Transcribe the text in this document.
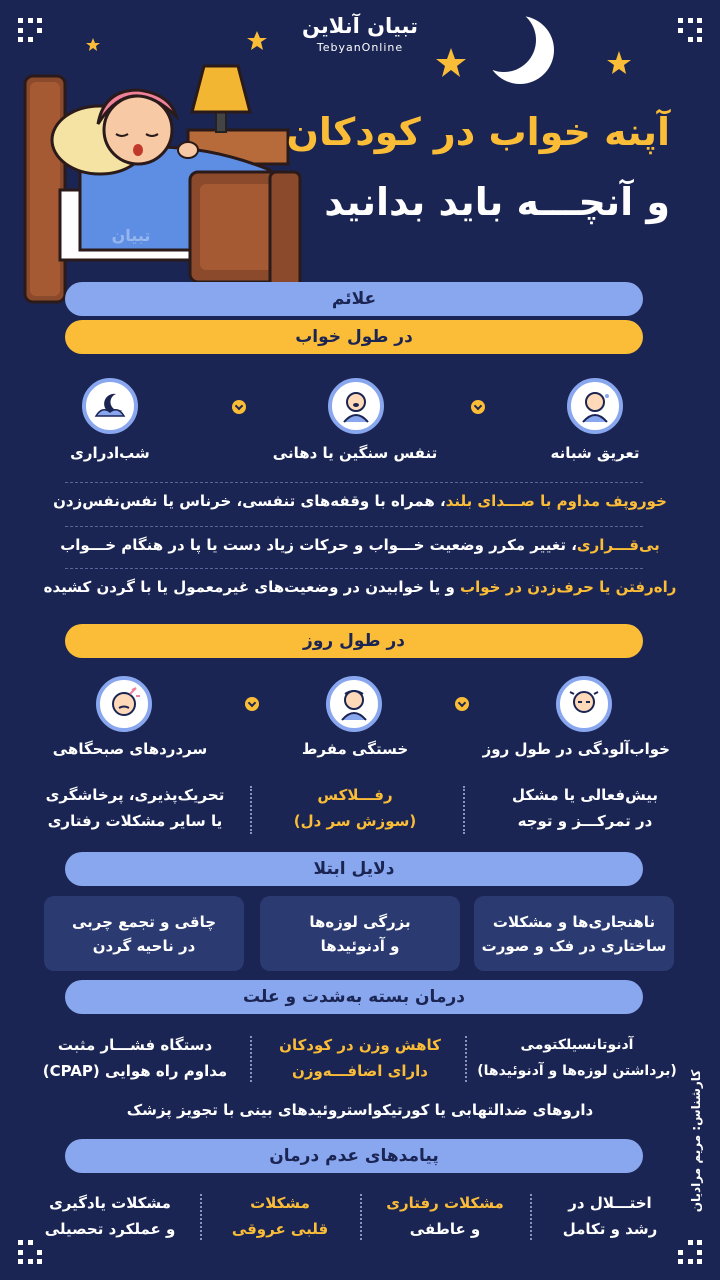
تبیان آنلاین
TebyanOnline
تبیان
آپنه خواب در کودکان
و آنچـــه باید بدانید
علائم
در طول خواب
تعریق شبانه
تنفس سنگین یا دهانی
شب‌ادراری
خوروپف مداوم با صـــدای بلند، همراه با وقفه‌های تنفسی، خرناس یا نفس‌نفس‌زدن
بی‌قـــراری، تغییر مکرر وضعیت خـــواب و حرکات زیاد دست یا پا در هنگام خـــواب
راه‌رفتن یا حرف‌زدن در خواب و یا خوابیدن در وضعیت‌های غیرمعمول یا با گردن کشیده
در طول روز
خواب‌آلودگی در طول روز
خستگی مفرط
سردردهای صبحگاهی
بیش‌فعالی یا مشکل
در تمرکـــز و توجه
رفـــلاکس
(سوزش سر دل)
تحریک‌پذیری، پرخاشگری
یا سایر مشکلات رفتاری
دلایل ابتلا
ناهنجاری‌ها و مشکلات
ساختاری در فک و صورت
بزرگی لوزه‌ها
و آدنوئیدها
چاقی و تجمع چربی
در ناحیه گردن
درمان بسته به‌شدت و علت
آدنوتانسیلکتومی
(برداشتن لوزه‌ها و آدنوئیدها)
کاهش وزن در کودکان
دارای اضافـــه‌وزن
دستگاه فشـــار مثبت
مداوم راه هوایی (CPAP)
داروهای ضدالتهابی یا کورتیکواستروئیدهای بینی با تجویز پزشک
پیامدهای عدم درمان
اختـــلال در
رشد و تکامل
مشکلات رفتاری
و عاطفی
مشکلات
قلبی عروقی
مشکلات یادگیری
و عملکرد تحصیلی
کارشناس: مریم مرادیان
